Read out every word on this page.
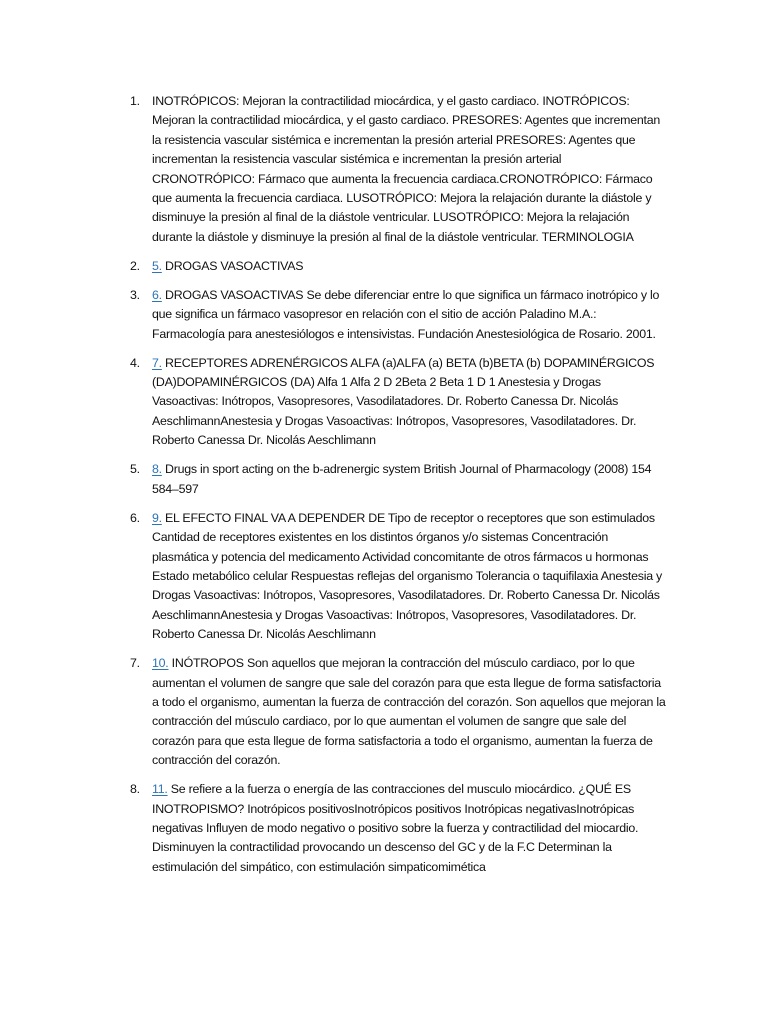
1. INOTRÓPICOS: Mejoran la contractilidad miocárdica, y el gasto cardiaco. INOTRÓPICOS: Mejoran la contractilidad miocárdica, y el gasto cardiaco. PRESORES: Agentes que incrementan la resistencia vascular sistémica e incrementan la presión arterial PRESORES: Agentes que incrementan la resistencia vascular sistémica e incrementan la presión arterial CRONOTRÓPICO: Fármaco que aumenta la frecuencia cardiaca.CRONOTRÓPICO: Fármaco que aumenta la frecuencia cardiaca. LUSOTRÓPICO: Mejora la relajación durante la diástole y disminuye la presión al final de la diástole ventricular. LUSOTRÓPICO: Mejora la relajación durante la diástole y disminuye la presión al final de la diástole ventricular. TERMINOLOGIA
2. 5. DROGAS VASOACTIVAS
3. 6. DROGAS VASOACTIVAS Se debe diferenciar entre lo que significa un fármaco inotrópico y lo que significa un fármaco vasopresor en relación con el sitio de acción Paladino M.A.: Farmacología para anestesiólogos e intensivistas. Fundación Anestesiológica de Rosario. 2001.
4. 7. RECEPTORES ADRENÉRGICOS ALFA (a)ALFA (a) BETA (b)BETA (b) DOPAMINÉRGICOS (DA)DOPAMINÉRGICOS (DA) Alfa 1 Alfa 2 D 2Beta 2 Beta 1 D 1 Anestesia y Drogas Vasoactivas: Inótropos, Vasopresores, Vasodilatadores. Dr. Roberto Canessa Dr. Nicolás AeschlimannAnestesia y Drogas Vasoactivas: Inótropos, Vasopresores, Vasodilatadores. Dr. Roberto Canessa Dr. Nicolás Aeschlimann
5. 8. Drugs in sport acting on the b-adrenergic system British Journal of Pharmacology (2008) 154 584–597
6. 9. EL EFECTO FINAL VA A DEPENDER DE Tipo de receptor o receptores que son estimulados Cantidad de receptores existentes en los distintos órganos y/o sistemas Concentración plasmática y potencia del medicamento Actividad concomitante de otros fármacos u hormonas Estado metabólico celular Respuestas reflejas del organismo Tolerancia o taquifilaxia Anestesia y Drogas Vasoactivas: Inótropos, Vasopresores, Vasodilatadores. Dr. Roberto Canessa Dr. Nicolás AeschlimannAnestesia y Drogas Vasoactivas: Inótropos, Vasopresores, Vasodilatadores. Dr. Roberto Canessa Dr. Nicolás Aeschlimann
7. 10. INÓTROPOS Son aquellos que mejoran la contracción del músculo cardiaco, por lo que aumentan el volumen de sangre que sale del corazón para que esta llegue de forma satisfactoria a todo el organismo, aumentan la fuerza de contracción del corazón. Son aquellos que mejoran la contracción del músculo cardiaco, por lo que aumentan el volumen de sangre que sale del corazón para que esta llegue de forma satisfactoria a todo el organismo, aumentan la fuerza de contracción del corazón.
8. 11. Se refiere a la fuerza o energía de las contracciones del musculo miocárdico. ¿QUÉ ES INOTROPISMO? Inotrópicos positivosInotrópicos positivos Inotrópicas negativasInotrópicas negativas Influyen de modo negativo o positivo sobre la fuerza y contractilidad del miocardio. Disminuyen la contractilidad provocando un descenso del GC y de la F.C Determinan la estimulación del simpático, con estimulación simpaticomimética
